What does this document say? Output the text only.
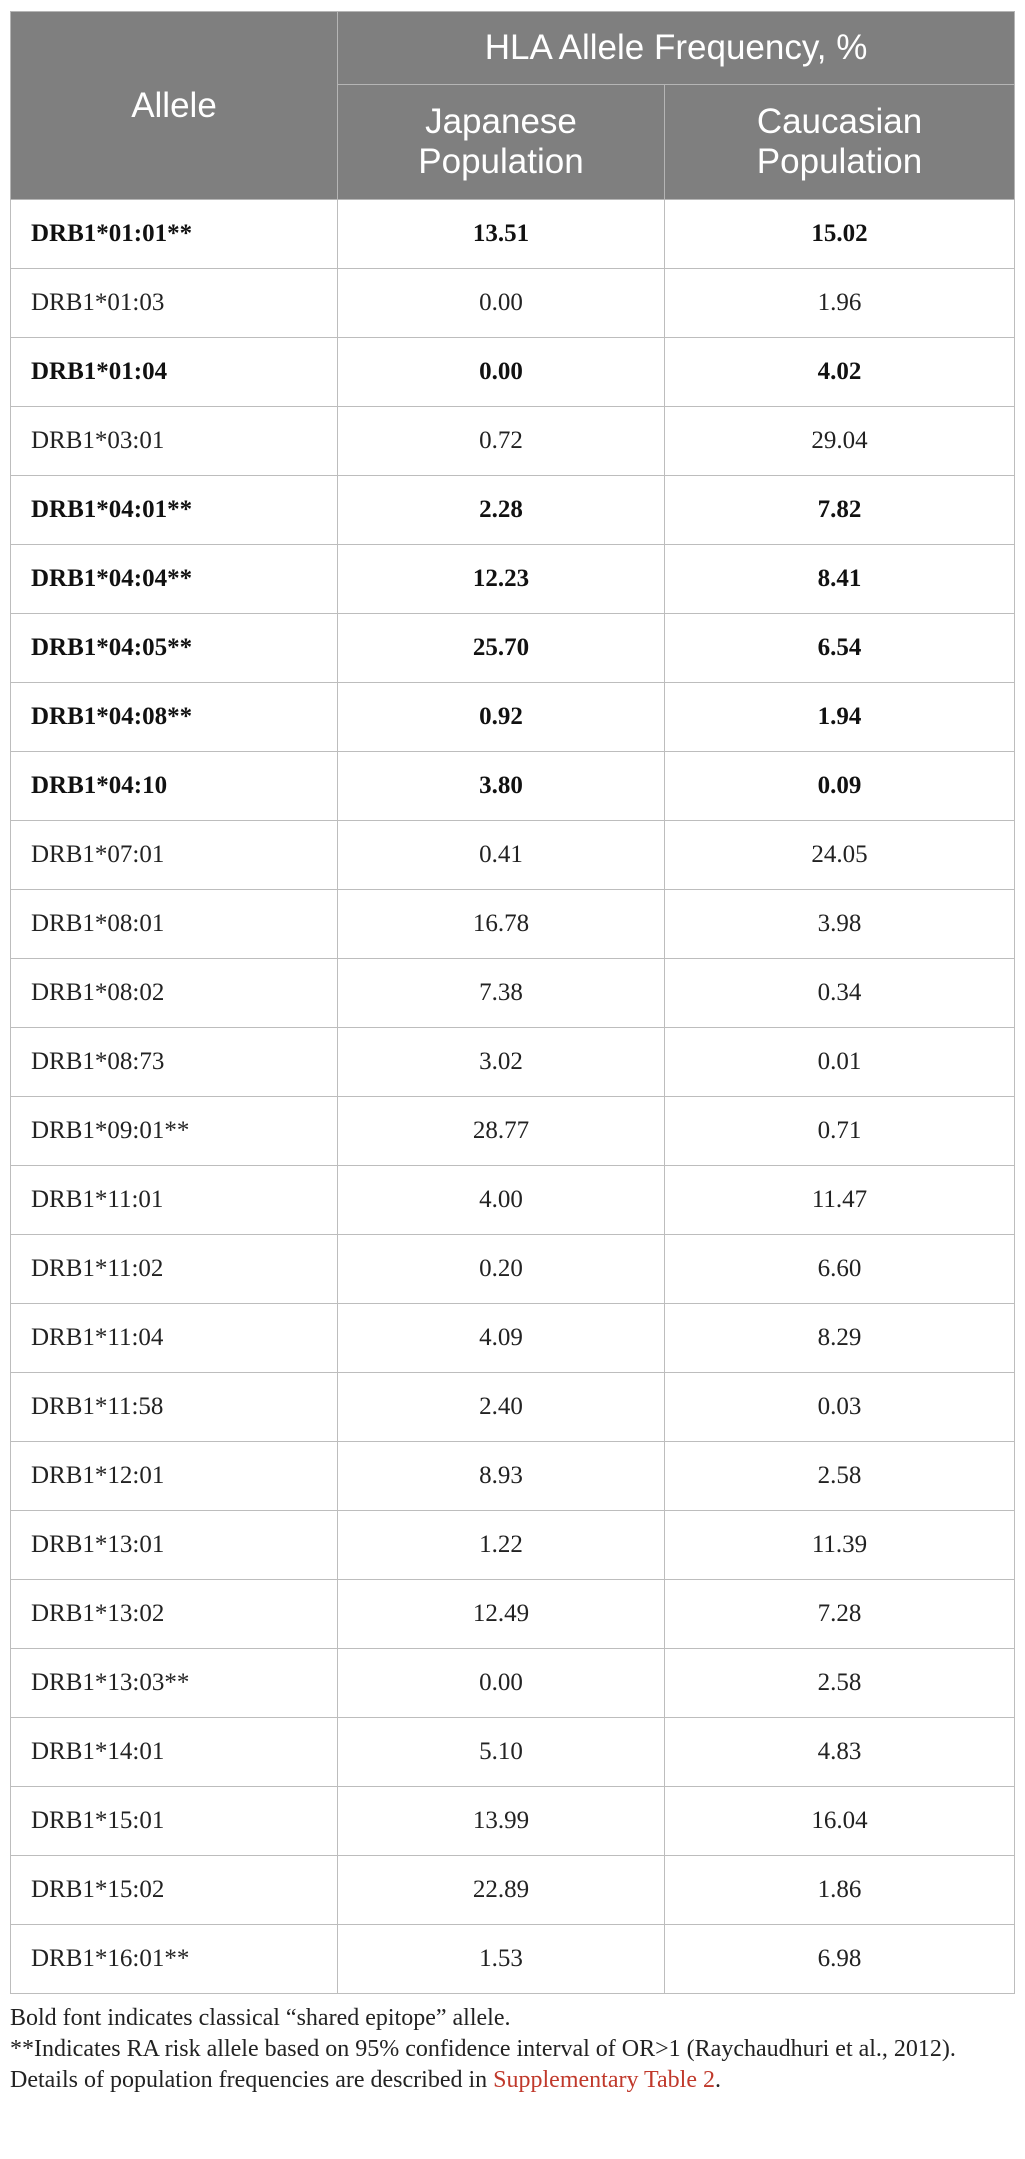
Allele	HLA Allele Frequency, %	
	Japanese Population	Caucasian Population
DRB1*01:01**	13.51	15.02
DRB1*01:03	0.00	1.96
DRB1*01:04	0.00	4.02
DRB1*03:01	0.72	29.04
DRB1*04:01**	2.28	7.82
DRB1*04:04**	12.23	8.41
DRB1*04:05**	25.70	6.54
DRB1*04:08**	0.92	1.94
DRB1*04:10	3.80	0.09
DRB1*07:01	0.41	24.05
DRB1*08:01	16.78	3.98
DRB1*08:02	7.38	0.34
DRB1*08:73	3.02	0.01
DRB1*09:01**	28.77	0.71
DRB1*11:01	4.00	11.47
DRB1*11:02	0.20	6.60
DRB1*11:04	4.09	8.29
DRB1*11:58	2.40	0.03
DRB1*12:01	8.93	2.58
DRB1*13:01	1.22	11.39
DRB1*13:02	12.49	7.28
DRB1*13:03**	0.00	2.58
DRB1*14:01	5.10	4.83
DRB1*15:01	13.99	16.04
DRB1*15:02	22.89	1.86
DRB1*16:01**	1.53	6.98

Bold font indicates classical “shared epitope” allele.

**Indicates RA risk allele based on 95% confidence interval of OR>1 (Raychaudhuri et al., 2012).

Details of population frequencies are described in Supplementary Table 2.
